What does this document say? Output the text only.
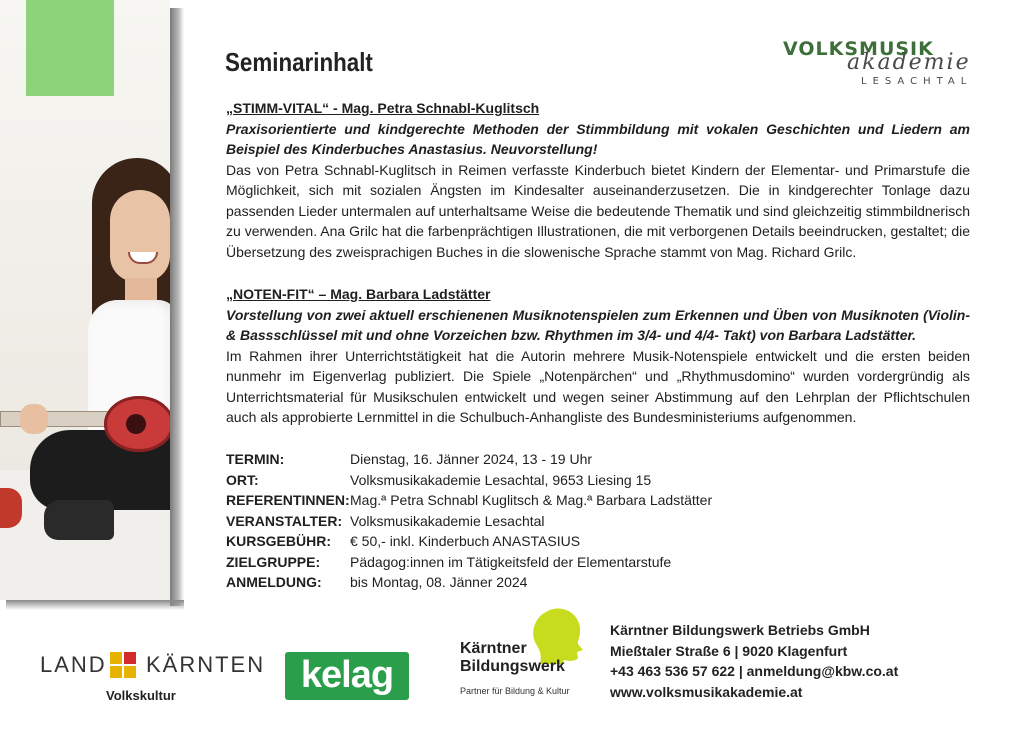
VOLKSMUSIK
akademie
LESACHTAL
Seminarinhalt
„STIMM-VITAL“ - Mag. Petra Schnabl-Kuglitsch
Praxisorientierte und kindgerechte Methoden der Stimmbildung mit vokalen Geschichten und Liedern am Beispiel des Kinderbuches Anastasius. Neuvorstellung!
Das von Petra Schnabl-Kuglitsch in Reimen verfasste Kinderbuch bietet Kindern der Elementar- und Primarstufe die Möglichkeit, sich mit sozialen Ängsten im Kindesalter auseinanderzusetzen. Die in kindgerechter Tonlage dazu passenden Lieder untermalen auf unterhaltsame Weise die bedeutende Thematik und sind gleichzeitig stimmbildnerisch zu verwenden. Ana Grilc hat die farbenprächtigen Illustrationen, die mit verborgenen Details beeindrucken, gestaltet; die Übersetzung des zweisprachigen Buches in die slowenische Sprache stammt von Mag. Richard Grilc.
„NOTEN-FIT“ – Mag. Barbara Ladstätter
Vorstellung von zwei aktuell erschienenen Musiknotenspielen zum Erkennen und Üben von Musiknoten (Violin- & Bassschlüssel mit und ohne Vorzeichen bzw. Rhythmen im 3/4- und 4/4- Takt) von Barbara Ladstätter.
Im Rahmen ihrer Unterrichtstätigkeit hat die Autorin mehrere Musik-Notenspiele entwickelt und die ersten beiden nunmehr im Eigenverlag publiziert. Die Spiele „Notenpärchen“ und „Rhythmusdomino“ wurden vordergründig als Unterrichtsmaterial für Musikschulen entwickelt und wegen seiner Abstimmung auf den Lehrplan der Pflichtschulen auch als approbierte Lernmittel in die Schulbuch-Anhangliste des Bundesministeriums aufgenommen.
TERMIN:	Dienstag, 16. Jänner 2024, 13 - 19 Uhr
ORT:	Volksmusikakademie Lesachtal, 9653 Liesing 15
REFERENTINNEN: Mag.ª Petra Schnabl Kuglitsch & Mag.ª Barbara Ladstätter
VERANSTALTER: Volksmusikakademie Lesachtal
KURSGEBÜHR:	€ 50,- inkl. Kinderbuch ANASTASIUS
ZIELGRUPPE:	Pädagog:innen im Tätigkeitsfeld der Elementarstufe
ANMELDUNG:	bis Montag, 08. Jänner 2024
LAND KÄRNTEN
Volkskultur	kelag
Kärntner
Bildungswerk
Partner für Bildung & Kultur
Kärntner Bildungswerk Betriebs GmbH
Mießtaler Straße 6 | 9020 Klagenfurt
+43 463 536 57 622 | anmeldung@kbw.co.at
www.volksmusikakademie.at
